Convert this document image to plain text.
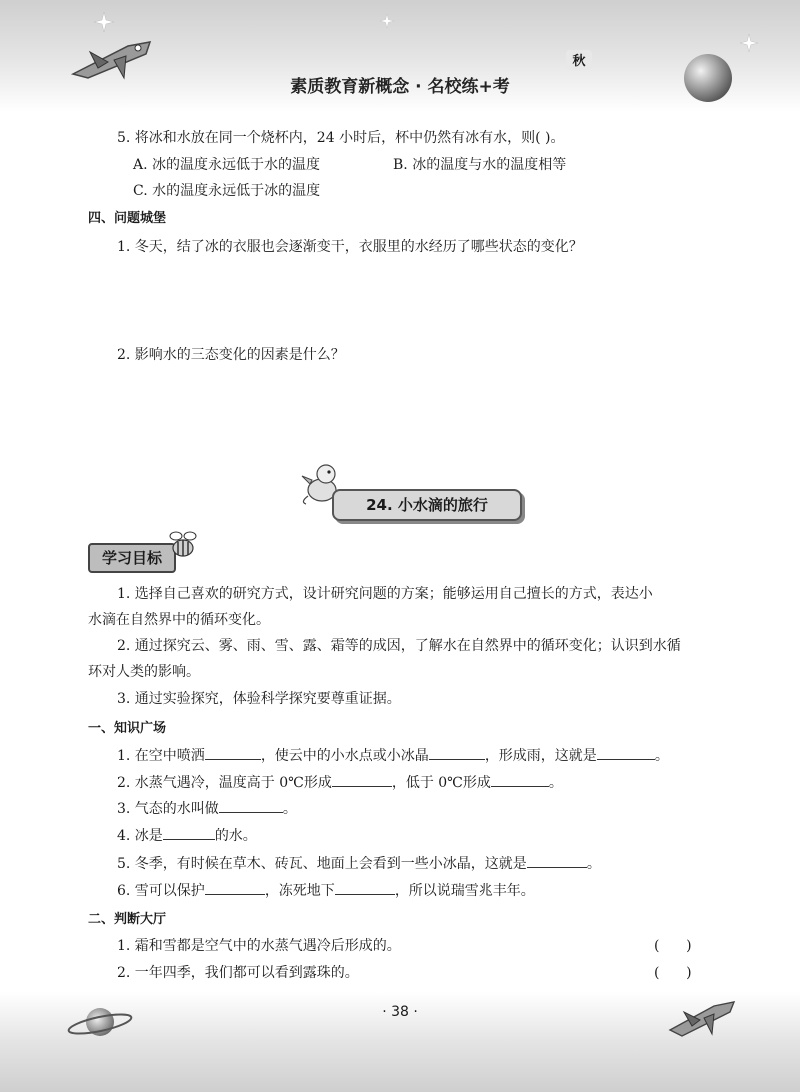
素质教育新概念 · 名校练+考
秋
5. 将冰和水放在同一个烧杯内，24 小时后，杯中仍然有冰有水，则( )。
A. 冰的温度永远低于水的温度	B. 冰的温度与水的温度相等
C. 水的温度永远低于冰的温度
四、问题城堡
1. 冬天，结了冰的衣服也会逐渐变干，衣服里的水经历了哪些状态的变化？
2. 影响水的三态变化的因素是什么？
24. 小水滴的旅行
学习目标
1. 选择自己喜欢的研究方式，设计研究问题的方案；能够运用自己擅长的方式，表达小
水滴在自然界中的循环变化。
2. 通过探究云、雾、雨、雪、露、霜等的成因，了解水在自然界中的循环变化；认识到水循
环对人类的影响。
3. 通过实验探究，体验科学探究要尊重证据。
一、知识广场
1. 在空中喷洒	，使云中的小水点或小冰晶	，形成雨，这就是	。
2. 水蒸气遇冷，温度高于 0℃形成	，低于 0℃形成	。
3. 气态的水叫做	。
4. 冰是	的水。
5. 冬季，有时候在草木、砖瓦、地面上会看到一些小冰晶，这就是	。
6. 雪可以保护	，冻死地下	，所以说瑞雪兆丰年。
二、判断大厅
1. 霜和雪都是空气中的水蒸气遇冷后形成的。	(      )
2. 一年四季，我们都可以看到露珠的。	(      )
· 38 ·
